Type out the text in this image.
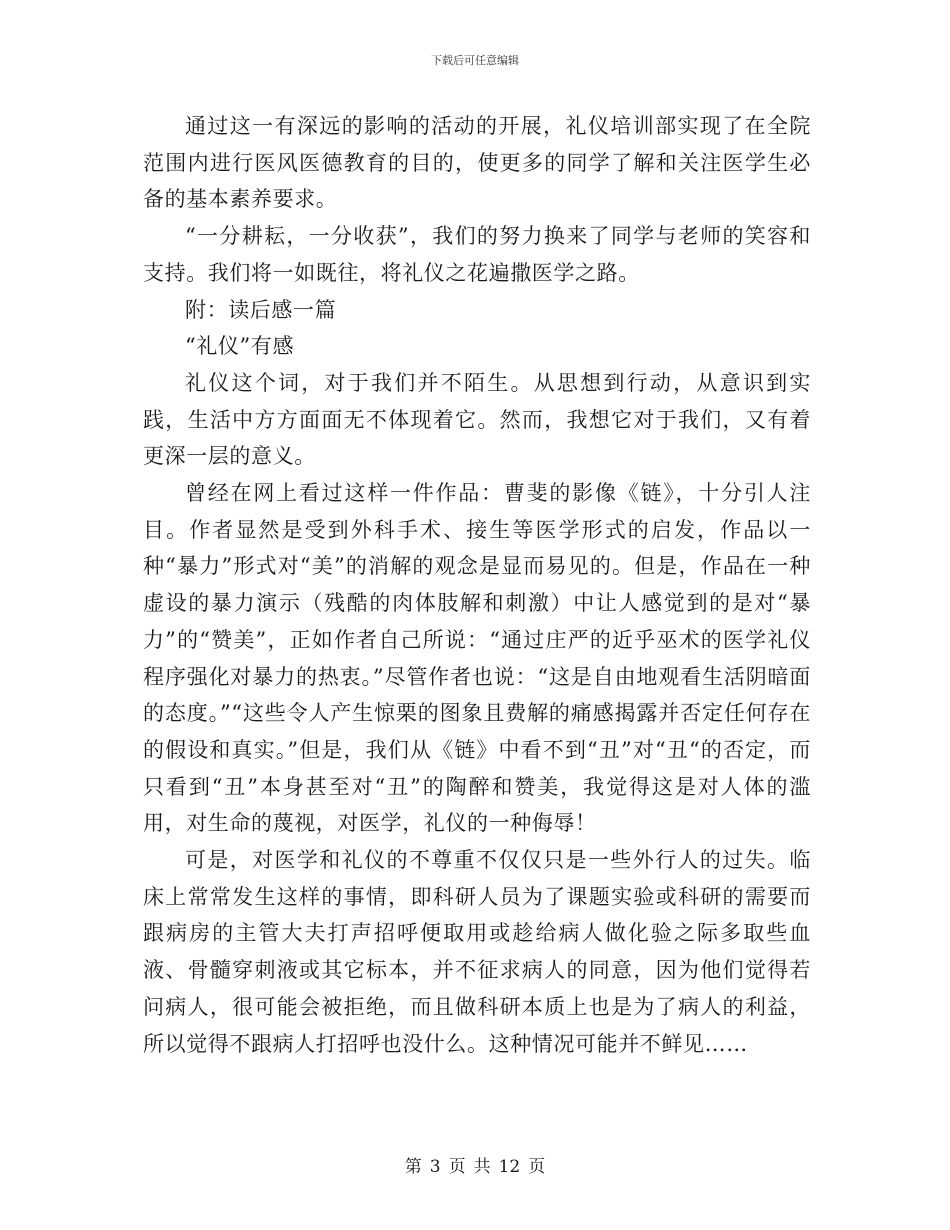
下载后可任意编辑

通过这一有深远的影响的活动的开展，礼仪培训部实现了在全院范围内进行医风医德教育的目的，使更多的同学了解和关注医学生必备的基本素养要求。

“一分耕耘，一分收获”，我们的努力换来了同学与老师的笑容和支持。我们将一如既往，将礼仪之花遍撒医学之路。

附：读后感一篇

“礼仪”有感

礼仪这个词，对于我们并不陌生。从思想到行动，从意识到实践，生活中方方面面无不体现着它。然而，我想它对于我们，又有着更深一层的意义。

曾经在网上看过这样一件作品：曹斐的影像《链》，十分引人注目。作者显然是受到外科手术、接生等医学形式的启发，作品以一种“暴力”形式对“美”的消解的观念是显而易见的。但是，作品在一种虚设的暴力演示（残酷的肉体肢解和刺激）中让人感觉到的是对“暴力”的“赞美”，正如作者自己所说：“通过庄严的近乎巫术的医学礼仪程序强化对暴力的热衷。”尽管作者也说：“这是自由地观看生活阴暗面的态度。”“这些令人产生惊栗的图象且费解的痛感揭露并否定任何存在的假设和真实。”但是，我们从《链》中看不到“丑”对“丑“的否定，而只看到“丑”本身甚至对“丑”的陶醉和赞美，我觉得这是对人体的滥用，对生命的蔑视，对医学，礼仪的一种侮辱！

可是，对医学和礼仪的不尊重不仅仅只是一些外行人的过失。临床上常常发生这样的事情，即科研人员为了课题实验或科研的需要而跟病房的主管大夫打声招呼便取用或趁给病人做化验之际多取些血液、骨髓穿刺液或其它标本，并不征求病人的同意，因为他们觉得若问病人，很可能会被拒绝，而且做科研本质上也是为了病人的利益，所以觉得不跟病人打招呼也没什么。这种情况可能并不鲜见……

第 3 页 共 12 页
